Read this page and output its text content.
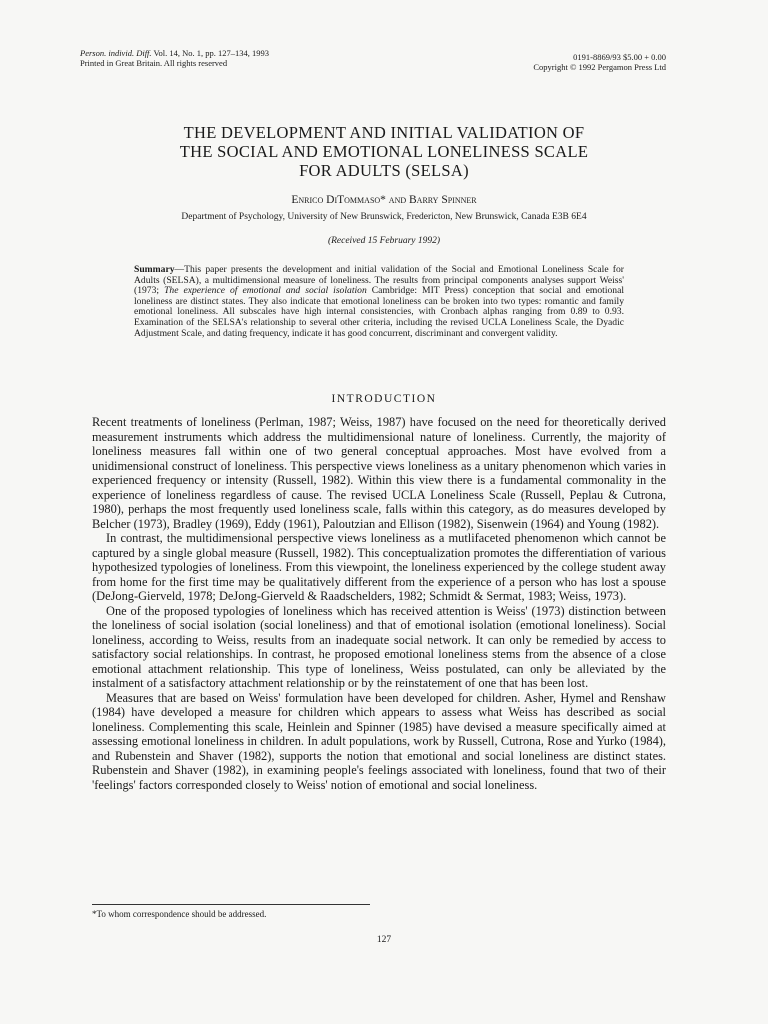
Person. individ. Diff. Vol. 14, No. 1, pp. 127–134, 1993
Printed in Great Britain. All rights reserved
0191-8869/93 $5.00 + 0.00
Copyright © 1992 Pergamon Press Ltd
THE DEVELOPMENT AND INITIAL VALIDATION OF
THE SOCIAL AND EMOTIONAL LONELINESS SCALE
FOR ADULTS (SELSA)
Enrico DiTommaso* and Barry Spinner
Department of Psychology, University of New Brunswick, Fredericton, New Brunswick, Canada E3B 6E4
(Received 15 February 1992)
Summary—This paper presents the development and initial validation of the Social and Emotional Loneliness Scale for Adults (SELSA), a multidimensional measure of loneliness. The results from principal components analyses support Weiss' (1973; The experience of emotional and social isolation Cambridge: MIT Press) conception that social and emotional loneliness are distinct states. They also indicate that emotional loneliness can be broken into two types: romantic and family emotional loneliness. All subscales have high internal consistencies, with Cronbach alphas ranging from 0.89 to 0.93. Examination of the SELSA's relationship to several other criteria, including the revised UCLA Loneliness Scale, the Dyadic Adjustment Scale, and dating frequency, indicate it has good concurrent, discriminant and convergent validity.
INTRODUCTION

Recent treatments of loneliness (Perlman, 1987; Weiss, 1987) have focused on the need for theoretically derived measurement instruments which address the multidimensional nature of loneliness. Currently, the majority of loneliness measures fall within one of two general conceptual approaches. Most have evolved from a unidimensional construct of loneliness. This perspective views loneliness as a unitary phenomenon which varies in experienced frequency or intensity (Russell, 1982). Within this view there is a fundamental commonality in the experience of loneliness regardless of cause. The revised UCLA Loneliness Scale (Russell, Peplau & Cutrona, 1980), perhaps the most frequently used loneliness scale, falls within this category, as do measures developed by Belcher (1973), Bradley (1969), Eddy (1961), Paloutzian and Ellison (1982), Sisenwein (1964) and Young (1982).

In contrast, the multidimensional perspective views loneliness as a mutlifaceted phenomenon which cannot be captured by a single global measure (Russell, 1982). This conceptualization promotes the differentiation of various hypothesized typologies of loneliness. From this viewpoint, the loneliness experienced by the college student away from home for the first time may be qualitatively different from the experience of a person who has lost a spouse (DeJong-Gierveld, 1978; DeJong-Gierveld & Raadschelders, 1982; Schmidt & Sermat, 1983; Weiss, 1973).

One of the proposed typologies of loneliness which has received attention is Weiss' (1973) distinction between the loneliness of social isolation (social loneliness) and that of emotional isolation (emotional loneliness). Social loneliness, according to Weiss, results from an inadequate social network. It can only be remedied by access to satisfactory social relationships. In contrast, he proposed emotional loneliness stems from the absence of a close emotional attachment relationship. This type of loneliness, Weiss postulated, can only be alleviated by the instalment of a satisfactory attachment relationship or by the reinstatement of one that has been lost.

Measures that are based on Weiss' formulation have been developed for children. Asher, Hymel and Renshaw (1984) have developed a measure for children which appears to assess what Weiss has described as social loneliness. Complementing this scale, Heinlein and Spinner (1985) have devised a measure specifically aimed at assessing emotional loneliness in children. In adult populations, work by Russell, Cutrona, Rose and Yurko (1984), and Rubenstein and Shaver (1982), supports the notion that emotional and social loneliness are distinct states. Rubenstein and Shaver (1982), in examining people's feelings associated with loneliness, found that two of their 'feelings' factors corresponded closely to Weiss' notion of emotional and social loneliness.

*To whom correspondence should be addressed.
127
